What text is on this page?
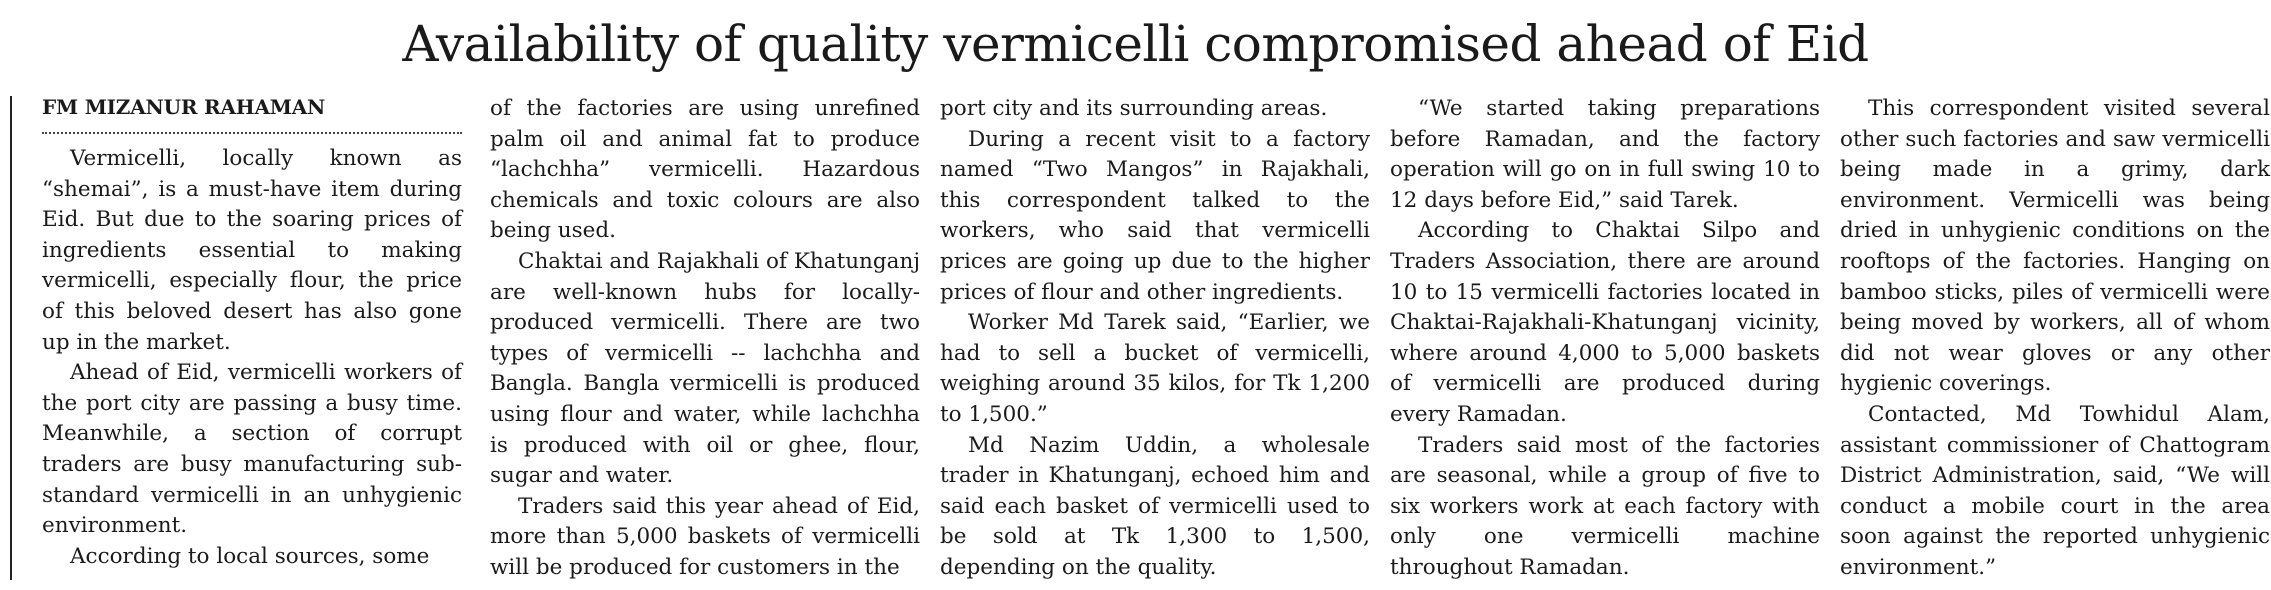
Availability of quality vermicelli compromised ahead of Eid
FM MIZANUR RAHAMAN

Vermicelli, locally known as “shemai”, is a must-have item during Eid. But due to the soaring prices of ingredients essential to making vermicelli, especially flour, the price of this beloved desert has also gone up in the market.

Ahead of Eid, vermicelli workers of the port city are passing a busy time. Meanwhile, a section of corrupt traders are busy manufacturing sub-standard vermicelli in an unhygienic environment.

According to local sources, some

of the factories are using unrefined palm oil and animal fat to produce “lachchha” vermicelli. Hazardous chemicals and toxic colours are also being used.

Chaktai and Rajakhali of Khatunganj are well-known hubs for locally-produced vermicelli. There are two types of vermicelli -- lachchha and Bangla. Bangla vermicelli is produced using flour and water, while lachchha is produced with oil or ghee, flour, sugar and water.

Traders said this year ahead of Eid, more than 5,000 baskets of vermicelli will be produced for customers in the

port city and its surrounding areas.

During a recent visit to a factory named “Two Mangos” in Rajakhali, this correspondent talked to the workers, who said that vermicelli prices are going up due to the higher prices of flour and other ingredients.

Worker Md Tarek said, “Earlier, we had to sell a bucket of vermicelli, weighing around 35 kilos, for Tk 1,200 to 1,500.”

Md Nazim Uddin, a wholesale trader in Khatunganj, echoed him and said each basket of vermicelli used to be sold at Tk 1,300 to 1,500, depending on the quality.

“We started taking preparations before Ramadan, and the factory operation will go on in full swing 10 to 12 days before Eid,” said Tarek.

According to Chaktai Silpo and Traders Association, there are around 10 to 15 vermicelli factories located in Chaktai-Rajakhali-Khatunganj vicinity, where around 4,000 to 5,000 baskets of vermicelli are produced during every Ramadan.

Traders said most of the factories are seasonal, while a group of five to six workers work at each factory with only one vermicelli machine throughout Ramadan.

This correspondent visited several other such factories and saw vermicelli being made in a grimy, dark environment. Vermicelli was being dried in unhygienic conditions on the rooftops of the factories. Hanging on bamboo sticks, piles of vermicelli were being moved by workers, all of whom did not wear gloves or any other hygienic coverings.

Contacted, Md Towhidul Alam, assistant commissioner of Chattogram District Administration, said, “We will conduct a mobile court in the area soon against the reported unhygienic environment.”
